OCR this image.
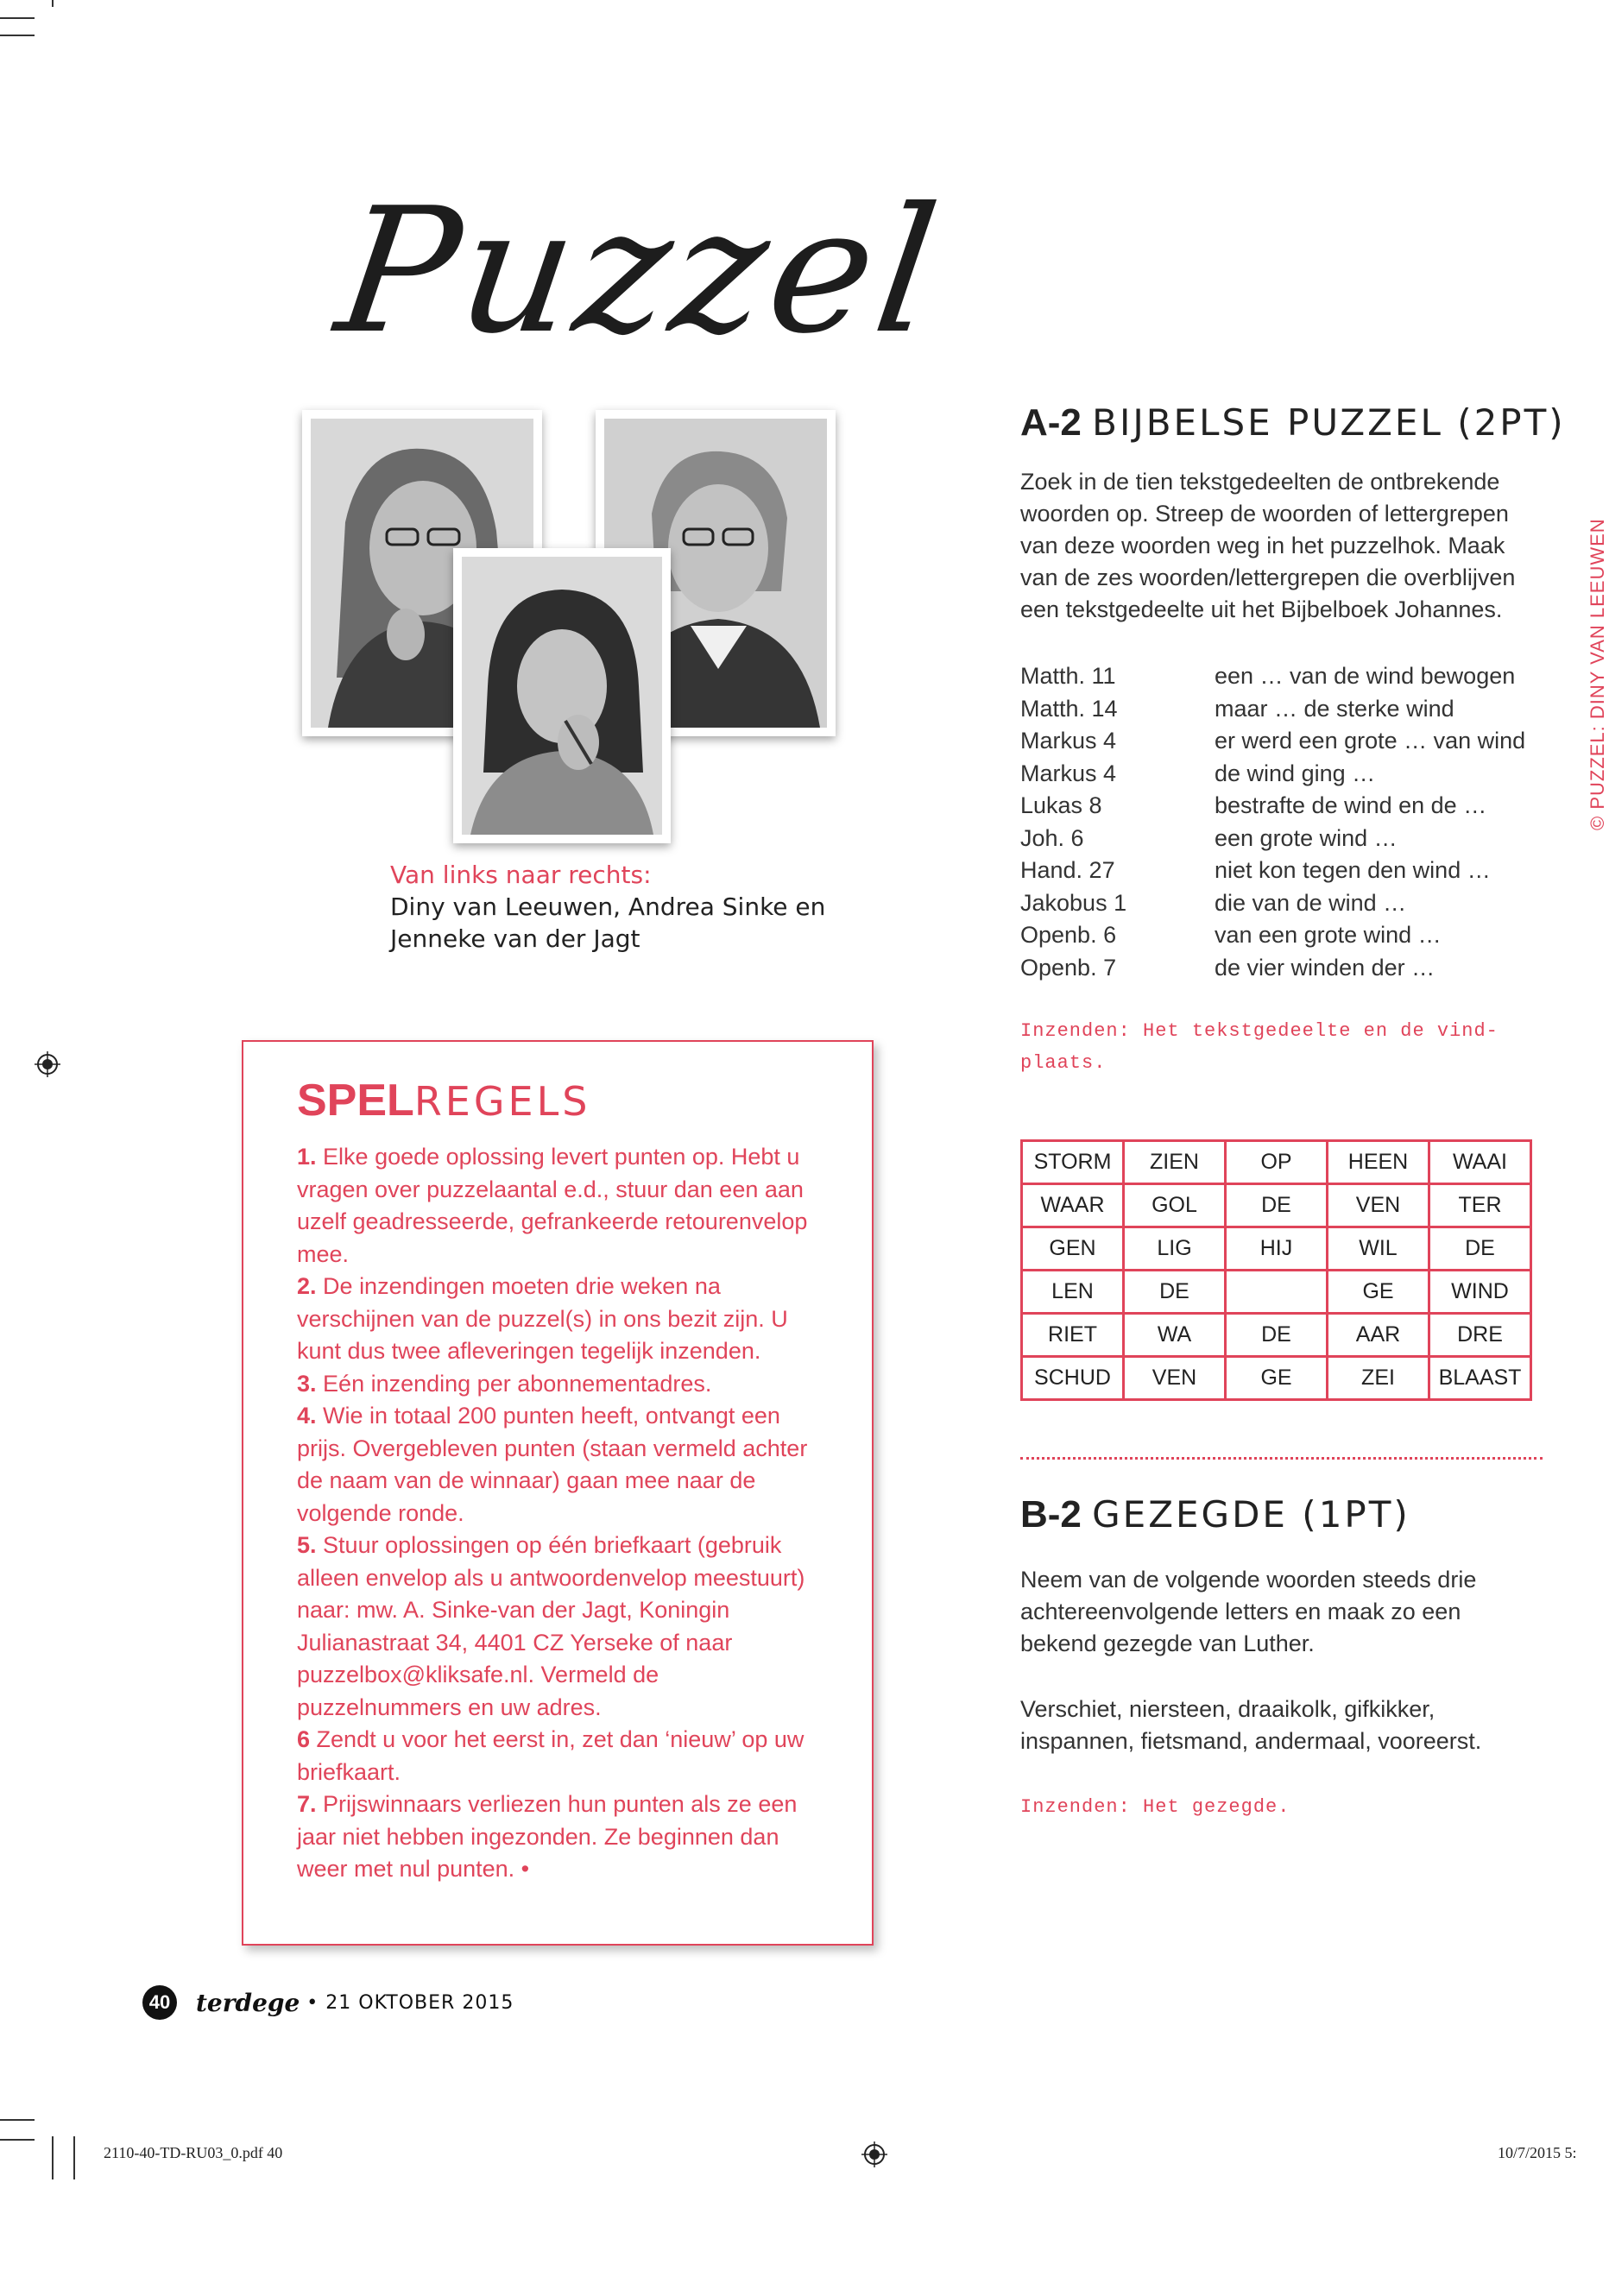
Puzzel
Van links naar rechts:
Diny van Leeuwen, Andrea Sinke en
Jenneke van der Jagt
A-2 BIJBELSE PUZZEL (2PT)
Zoek in de tien tekstgedeelten de ontbrekende woorden op. Streep de woorden of lettergrepen van deze woorden weg in het puzzelhok. Maak van de zes woorden/lettergrepen die overblijven een tekstgedeelte uit het Bijbelboek Johannes.
Matth. 11	een … van de wind bewogen
Matth. 14	maar … de sterke wind
Markus 4	er werd een grote … van wind
Markus 4	de wind ging …
Lukas 8	bestrafte de wind en de …
Joh. 6	een grote wind …
Hand. 27	niet kon tegen den wind …
Jakobus 1	die van de wind …
Openb. 6	van een grote wind …
Openb. 7	de vier winden der …
Inzenden: Het tekstgedeelte en de vind-
plaats.
STORM	ZIEN	OP	HEEN	WAAI
WAAR	GOL	DE	VEN	TER
GEN	LIG	HIJ	WIL	DE
LEN	DE		GE	WIND
RIET	WA	DE	AAR	DRE
SCHUD	VEN	GE	ZEI	BLAAST
B-2 GEZEGDE (1PT)
Neem van de volgende woorden steeds drie achtereenvolgende letters en maak zo een bekend gezegde van Luther.
Verschiet, niersteen, draaikolk, gifkikker, inspannen, fietsmand, andermaal, vooreerst.
Inzenden: Het gezegde.
SPELREGELS
1. Elke goede oplossing levert punten op. Hebt u vragen over puzzelaantal e.d., stuur dan een aan uzelf geadresseerde, gefrankeerde retourenvelop mee.
2. De inzendingen moeten drie weken na verschijnen van de puzzel(s) in ons bezit zijn. U kunt dus twee afleveringen tegelijk inzenden.
3. Eén inzending per abonnementadres.
4. Wie in totaal 200 punten heeft, ontvangt een prijs. Overgebleven punten (staan vermeld achter de naam van de winnaar) gaan mee naar de volgende ronde.
5. Stuur oplossingen op één briefkaart (gebruik alleen envelop als u antwoordenvelop meestuurt) naar: mw. A. Sinke-van der Jagt, Koningin Julianastraat 34, 4401 CZ Yerseke of naar puzzelbox@kliksafe.nl. Vermeld de puzzelnummers en uw adres.
6 Zendt u voor het eerst in, zet dan ‘nieuw’ op uw briefkaart.
7. Prijswinnaars verliezen hun punten als ze een jaar niet hebben ingezonden. Ze beginnen dan weer met nul punten. •
© PUZZEL: DINY VAN LEEUWEN
40 terdege • 21 OKTOBER 2015
2110-40-TD-RU03_0.pdf 40	10/7/2015 5:
